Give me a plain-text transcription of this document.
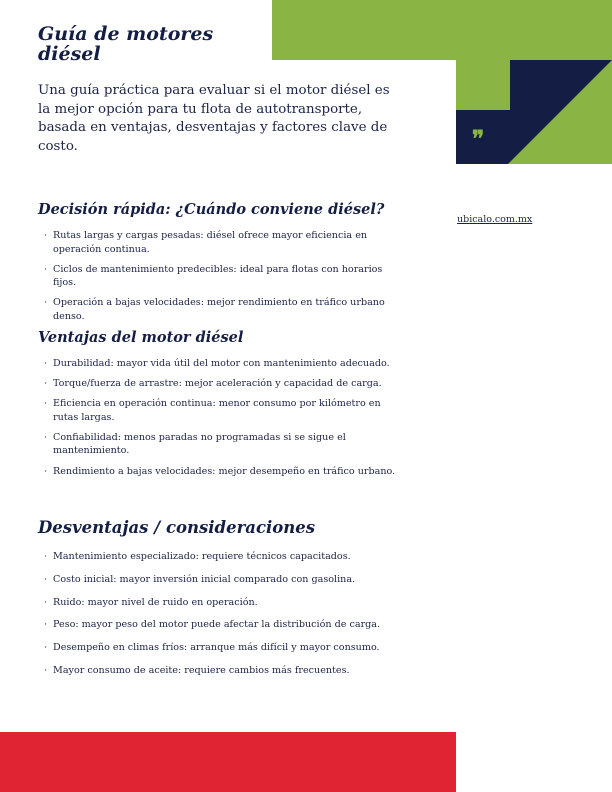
❜❜
Guía de motores diésel

Una guía práctica para evaluar si el motor diésel es la mejor opción para tu flota de autotransporte, basada en ventajas, desventajas y factores clave de costo.

ubicalo.com.mx
Decisión rápida: ¿Cuándo conviene diésel?
· Rutas largas y cargas pesadas: diésel ofrece mayor eficiencia en operación continua.
· Ciclos de mantenimiento predecibles: ideal para flotas con horarios fijos.
· Operación a bajas velocidades: mejor rendimiento en tráfico urbano denso.
Ventajas del motor diésel
· Durabilidad: mayor vida útil del motor con mantenimiento adecuado.
· Torque/fuerza de arrastre: mejor aceleración y capacidad de carga.
· Eficiencia en operación continua: menor consumo por kilómetro en rutas largas.
· Confiabilidad: menos paradas no programadas si se sigue el mantenimiento.
· Rendimiento a bajas velocidades: mejor desempeño en tráfico urbano.
Desventajas / consideraciones
· Mantenimiento especializado: requiere técnicos capacitados.
· Costo inicial: mayor inversión inicial comparado con gasolina.
· Ruido: mayor nivel de ruido en operación.
· Peso: mayor peso del motor puede afectar la distribución de carga.
· Desempeño en climas fríos: arranque más difícil y mayor consumo.
· Mayor consumo de aceite: requiere cambios más frecuentes.
